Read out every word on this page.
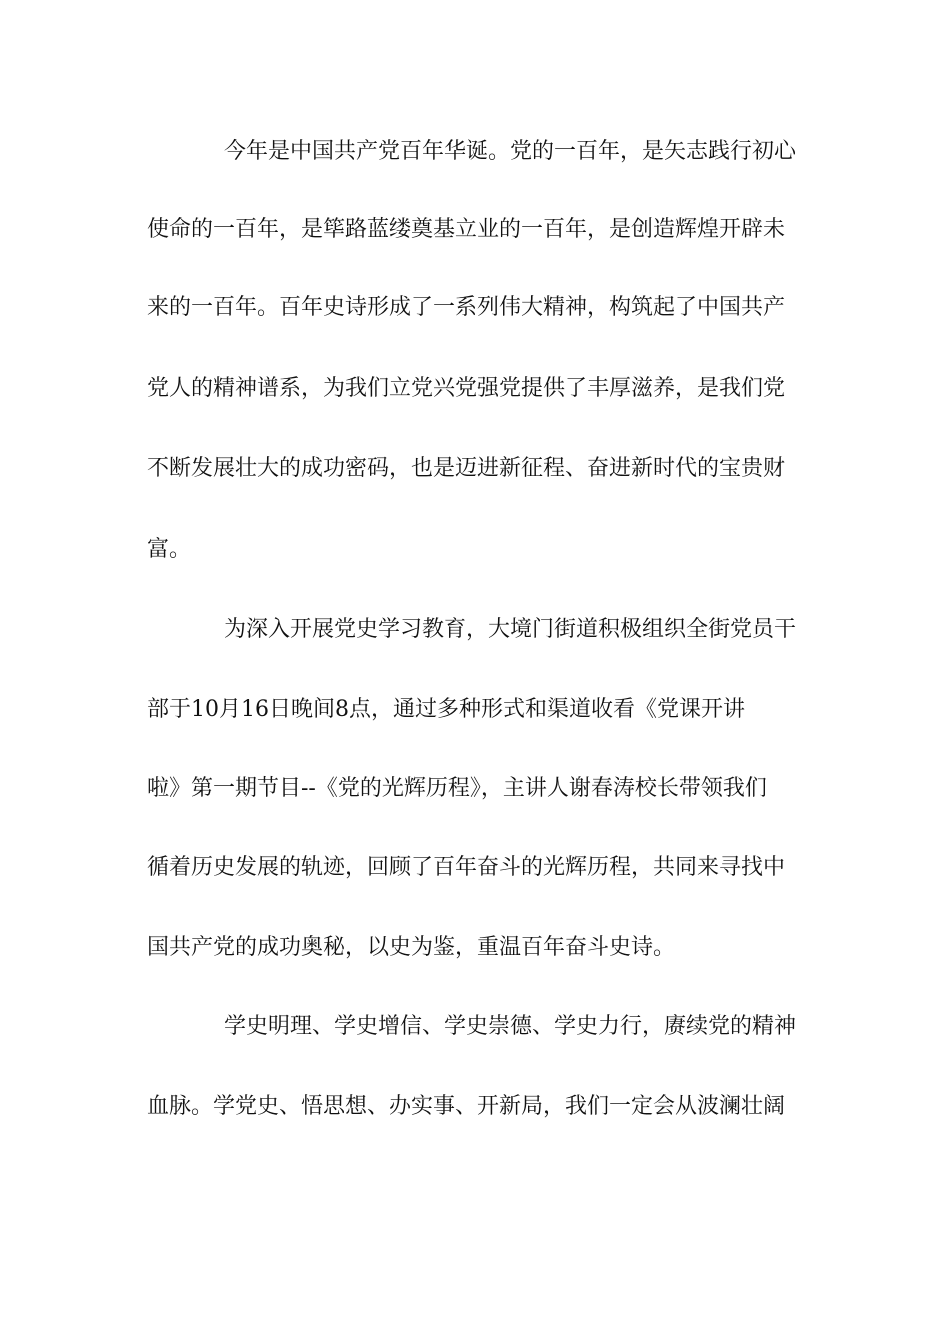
今年是中国共产党百年华诞。党的一百年，是矢志践行初心
使命的一百年，是筚路蓝缕奠基立业的一百年，是创造辉煌开辟未
来的一百年。百年史诗形成了一系列伟大精神，构筑起了中国共产
党人的精神谱系，为我们立党兴党强党提供了丰厚滋养，是我们党
不断发展壮大的成功密码，也是迈进新征程、奋进新时代的宝贵财
富。
为深入开展党史学习教育，大境门街道积极组织全街党员干
部于10月16日晚间8点，通过多种形式和渠道收看《党课开讲
啦》第一期节目--《党的光辉历程》，主讲人谢春涛校长带领我们
循着历史发展的轨迹，回顾了百年奋斗的光辉历程，共同来寻找中
国共产党的成功奥秘，以史为鉴，重温百年奋斗史诗。
学史明理、学史增信、学史崇德、学史力行，赓续党的精神
血脉。学党史、悟思想、办实事、开新局，我们一定会从波澜壮阔
